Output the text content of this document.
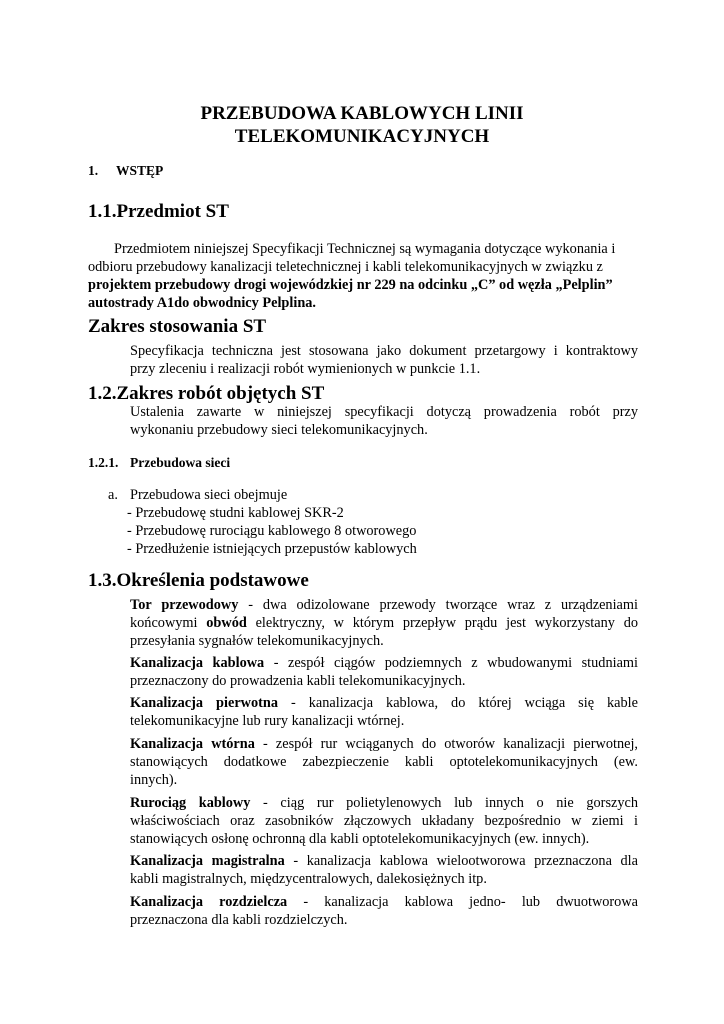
PRZEBUDOWA KABLOWYCH LINII
TELEKOMUNIKACYJNYCH
1. WSTĘP
1.1.Przedmiot ST
Przedmiotem niniejszej Specyfikacji Technicznej są wymagania dotyczące wykonania i
odbioru przebudowy kanalizacji teletechnicznej i kabli telekomunikacyjnych w związku z
projektem przebudowy drogi wojewódzkiej nr 229 na odcinku „C” od węzła „Pelplin”
autostrady A1do obwodnicy Pelplina.
Zakres stosowania ST
Specyfikacja techniczna jest stosowana jako dokument przetargowy i kontraktowy
przy zleceniu i realizacji robót wymienionych w punkcie 1.1.
1.2.Zakres robót objętych ST
Ustalenia zawarte w niniejszej specyfikacji dotyczą prowadzenia robót przy
wykonaniu przebudowy sieci telekomunikacyjnych.
1.2.1. Przebudowa sieci
a. Przebudowa sieci obejmuje
- Przebudowę studni kablowej SKR-2
- Przebudowę rurociągu kablowego 8 otworowego
- Przedłużenie istniejących przepustów kablowych
1.3.Określenia podstawowe
Tor przewodowy - dwa odizolowane przewody tworzące wraz z urządzeniami
końcowymi obwód elektryczny, w którym przepływ prądu jest wykorzystany do
przesyłania sygnałów telekomunikacyjnych.
Kanalizacja kablowa - zespół ciągów podziemnych z wbudowanymi studniami
przeznaczony do prowadzenia kabli telekomunikacyjnych.
Kanalizacja pierwotna - kanalizacja kablowa, do której wciąga się kable
telekomunikacyjne lub rury kanalizacji wtórnej.
Kanalizacja wtórna - zespół rur wciąganych do otworów kanalizacji pierwotnej,
stanowiących dodatkowe zabezpieczenie kabli optotelekomunikacyjnych (ew.
innych).
Rurociąg kablowy - ciąg rur polietylenowych lub innych o nie gorszych
właściwościach oraz zasobników złączowych układany bezpośrednio w ziemi i
stanowiących osłonę ochronną dla kabli optotelekomunikacyjnych (ew. innych).
Kanalizacja magistralna - kanalizacja kablowa wielootworowa przeznaczona dla
kabli magistralnych, międzycentralowych, dalekosiężnych itp.
Kanalizacja rozdzielcza - kanalizacja kablowa jedno- lub dwuotworowa
przeznaczona dla kabli rozdzielczych.
